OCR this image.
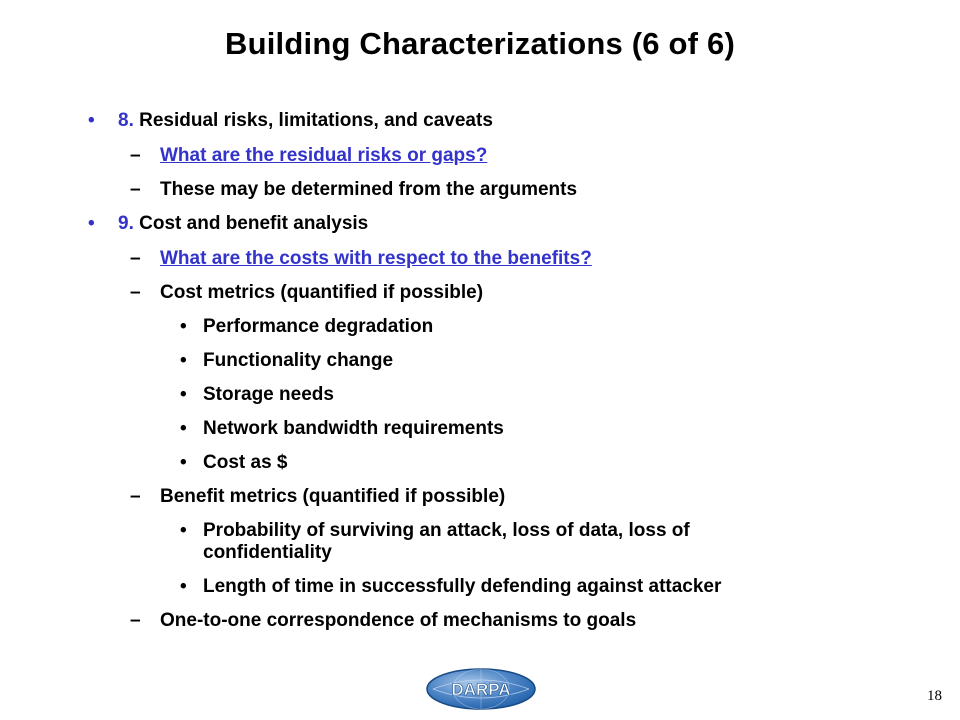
Building Characterizations (6 of 6)
• 8. Residual risks, limitations, and caveats
– What are the residual risks or gaps?
– These may be determined from the arguments
• 9. Cost and benefit analysis
– What are the costs with respect to the benefits?
– Cost metrics (quantified if possible)
• Performance degradation
• Functionality change
• Storage needs
• Network bandwidth requirements
• Cost as $
– Benefit metrics (quantified if possible)
• Probability of surviving an attack, loss of data, loss of confidentiality
• Length of time in successfully defending against attacker
– One-to-one correspondence of mechanisms to goals
DARPA	18
